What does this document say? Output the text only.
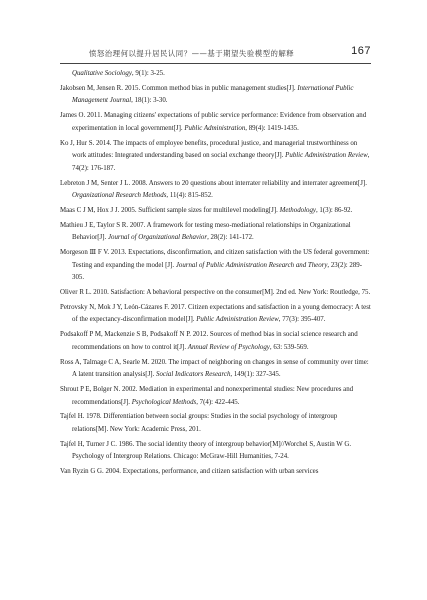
愤怒治理何以提升居民认同？——基于期望失验模型的解释	167
Qualitative Sociology, 9(1): 3-25.
Jakobsen M, Jensen R. 2015. Common method bias in public management studies[J]. International Public Management Journal, 18(1): 3-30.
James O. 2011. Managing citizens' expectations of public service performance: Evidence from observation and experimentation in local government[J]. Public Administration, 89(4): 1419-1435.
Ko J, Hur S. 2014. The impacts of employee benefits, procedural justice, and managerial trustworthiness on work attitudes: Integrated understanding based on social exchange theory[J]. Public Administration Review, 74(2): 176-187.
Lebreton J M, Senter J L. 2008. Answers to 20 questions about interrater reliability and interrater agreement[J]. Organizational Research Methods, 11(4): 815-852.
Maas C J M, Hox J J. 2005. Sufficient sample sizes for multilevel modeling[J]. Methodology, 1(3): 86-92.
Mathieu J E, Taylor S R. 2007. A framework for testing meso-mediational relationships in Organizational Behavior[J]. Journal of Organizational Behavior, 28(2): 141-172.
Morgeson Ⅲ F V. 2013. Expectations, disconfirmation, and citizen satisfaction with the US federal government: Testing and expanding the model [J]. Journal of Public Administration Research and Theory, 23(2): 289-305.
Oliver R L. 2010. Satisfaction: A behavioral perspective on the consumer[M]. 2nd ed. New York: Routledge, 75.
Petrovsky N, Mok J Y, León-Cázares F. 2017. Citizen expectations and satisfaction in a young democracy: A test of the expectancy-disconfirmation model[J]. Public Administration Review, 77(3): 395-407.
Podsakoff P M, Mackenzie S B, Podsakoff N P. 2012. Sources of method bias in social science research and recommendations on how to control it[J]. Annual Review of Psychology, 63: 539-569.
Ross A, Talmage C A, Searle M. 2020. The impact of neighboring on changes in sense of community over time: A latent transition analysis[J]. Social Indicators Research, 149(1): 327-345.
Shrout P E, Bolger N. 2002. Mediation in experimental and nonexperimental studies: New procedures and recommendations[J]. Psychological Methods, 7(4): 422-445.
Tajfel H. 1978. Differentiation between social groups: Studies in the social psychology of intergroup relations[M]. New York: Academic Press, 201.
Tajfel H, Turner J C. 1986. The social identity theory of intergroup behavior[M]//Worchel S, Austin W G. Psychology of Intergroup Relations. Chicago: McGraw-Hill Humanities, 7-24.
Van Ryzin G G. 2004. Expectations, performance, and citizen satisfaction with urban services
